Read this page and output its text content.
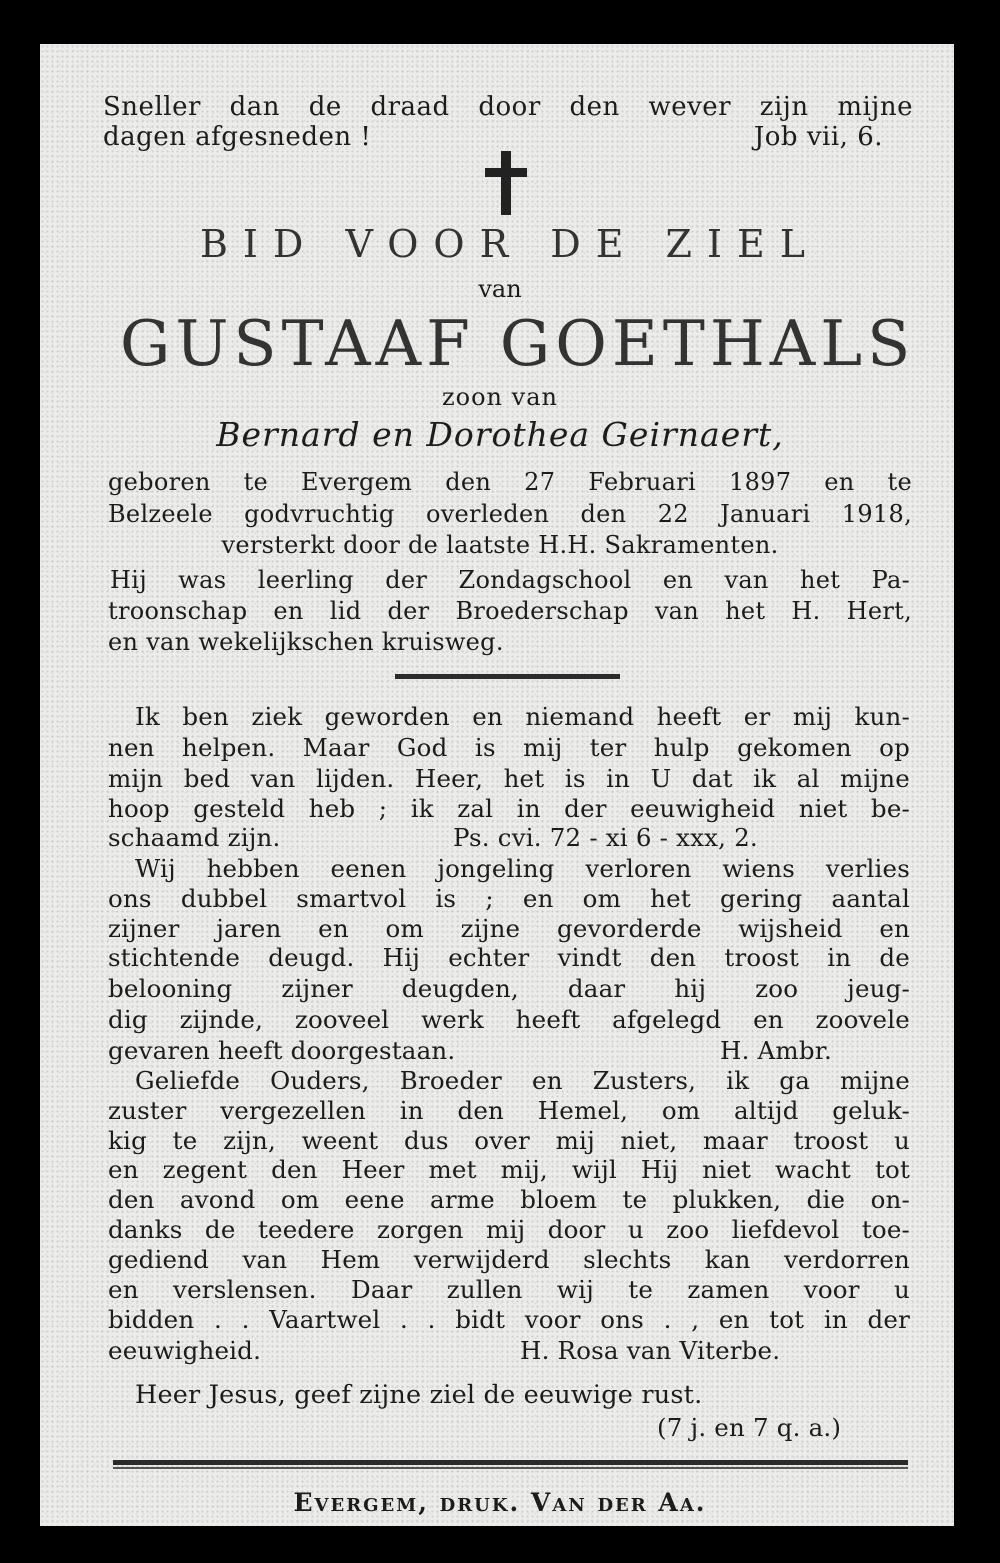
Sneller dan de draad door den wever zijn mijne
dagen afgesneden !	Job vii, 6.
BID VOOR DE ZIEL
van
GUSTAAF GOETHALS
zoon van
Bernard en Dorothea Geirnaert,
geboren te Evergem den 27 Februari 1897 en te
Belzeele godvruchtig overleden den 22 Januari 1918,
versterkt door de laatste H.H. Sakramenten.
Hij was leerling der Zondagschool en van het Pa-
troonschap en lid der Broederschap van het H. Hert,
en van wekelijkschen kruisweg.
Ik ben ziek geworden en niemand heeft er mij kun-
nen helpen. Maar God is mij ter hulp gekomen op
mijn bed van lijden. Heer, het is in U dat ik al mijne
hoop gesteld heb ; ik zal in der eeuwigheid niet be-
schaamd zijn.	Ps. cvi. 72 - xi 6 - xxx, 2.
Wij hebben eenen jongeling verloren wiens verlies
ons dubbel smartvol is ; en om het gering aantal
zijner jaren en om zijne gevorderde wijsheid en
stichtende deugd. Hij echter vindt den troost in de
belooning zijner deugden, daar hij zoo jeug-
dig zijnde, zooveel werk heeft afgelegd en zoovele
gevaren heeft doorgestaan.	H. Ambr.
Geliefde Ouders, Broeder en Zusters, ik ga mijne
zuster vergezellen in den Hemel, om altijd geluk-
kig te zijn, weent dus over mij niet, maar troost u
en zegent den Heer met mij, wijl Hij niet wacht tot
den avond om eene arme bloem te plukken, die on-
danks de teedere zorgen mij door u zoo liefdevol toe-
gediend van Hem verwijderd slechts kan verdorren
en verslensen. Daar zullen wij te zamen voor u
bidden . . Vaartwel . . bidt voor ons . , en tot in der
eeuwigheid.	H. Rosa van Viterbe.
Heer Jesus, geef zijne ziel de eeuwige rust.
(7 j. en 7 q. a.)
Evergem, druk. Van der Aa.
